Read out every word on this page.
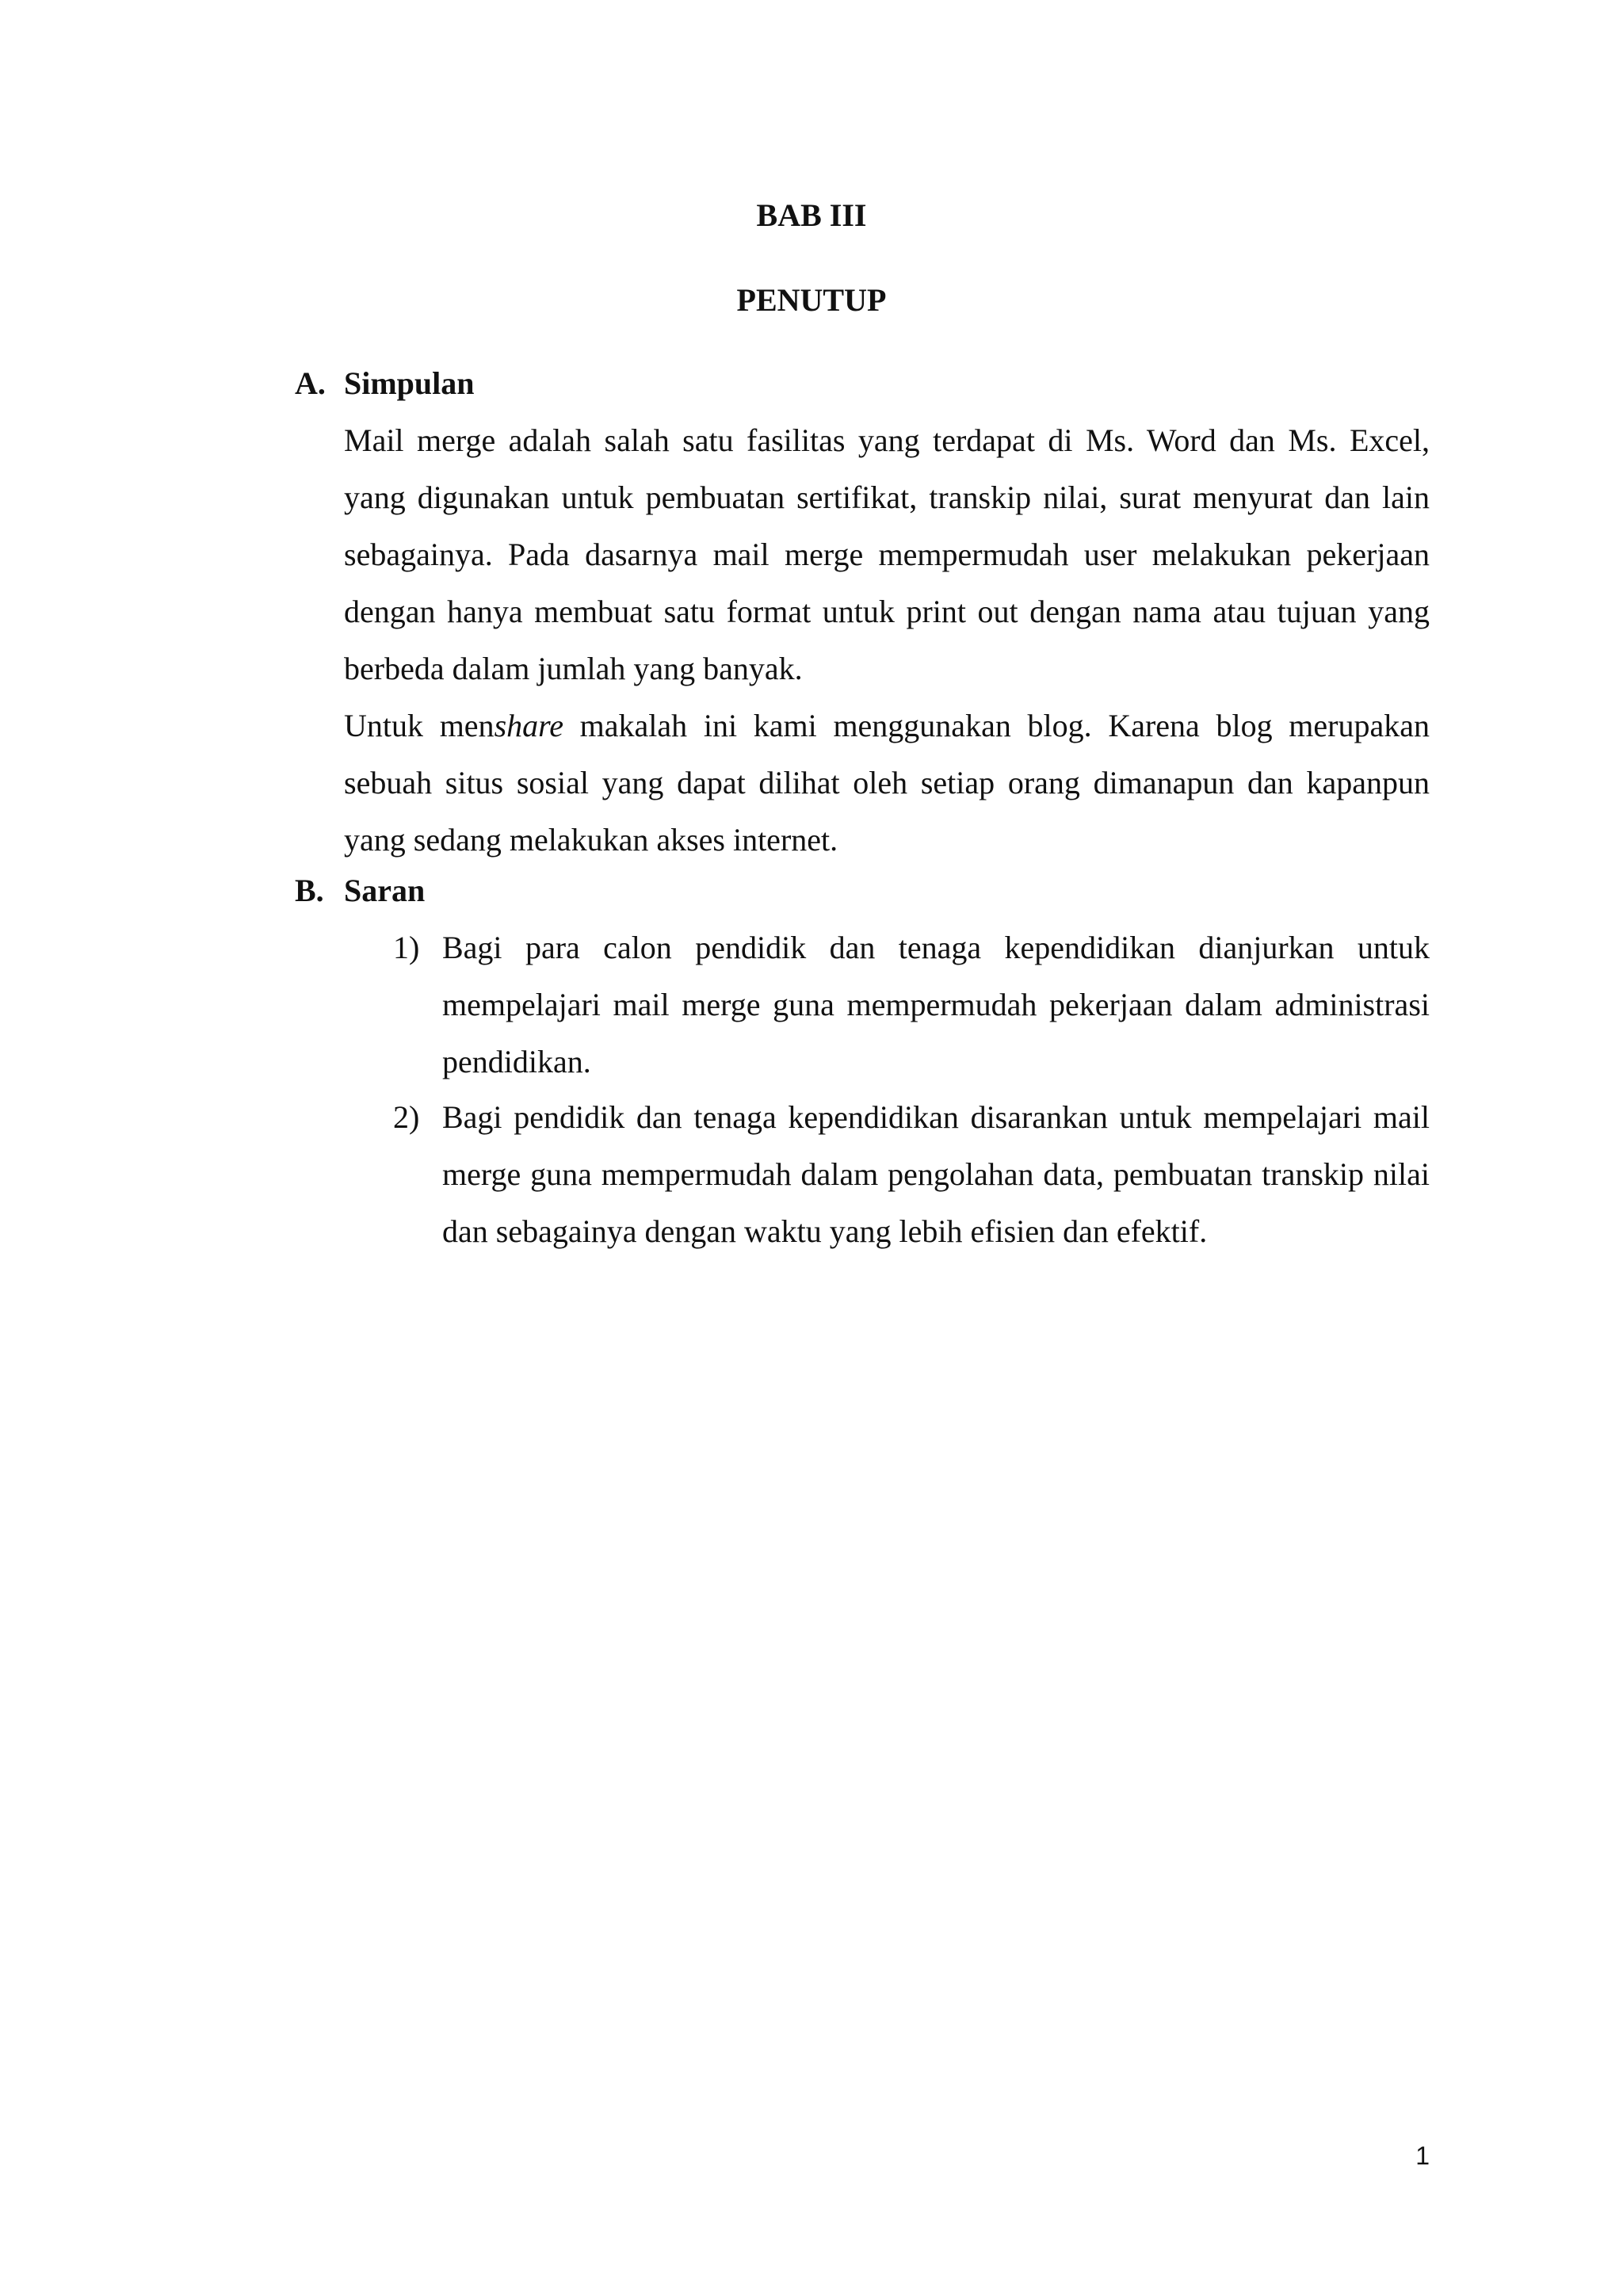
BAB III
PENUTUP
A. Simpulan

Mail merge adalah salah satu fasilitas yang terdapat di Ms. Word dan Ms. Excel, yang digunakan untuk pembuatan sertifikat, transkip nilai, surat menyurat dan lain sebagainya. Pada dasarnya mail merge mempermudah user melakukan pekerjaan dengan hanya membuat satu format untuk print out dengan nama atau tujuan yang berbeda dalam jumlah yang banyak.

Untuk menshare makalah ini kami menggunakan blog. Karena blog merupakan sebuah situs sosial yang dapat dilihat oleh setiap orang dimanapun dan kapanpun yang sedang melakukan akses internet.

B. Saran
1) Bagi para calon pendidik dan tenaga kependidikan dianjurkan untuk mempelajari mail merge guna mempermudah pekerjaan dalam administrasi pendidikan.
2) Bagi pendidik dan tenaga kependidikan disarankan untuk mempelajari mail merge guna mempermudah dalam pengolahan data, pembuatan transkip nilai dan sebagainya dengan waktu yang lebih efisien dan efektif.
1
